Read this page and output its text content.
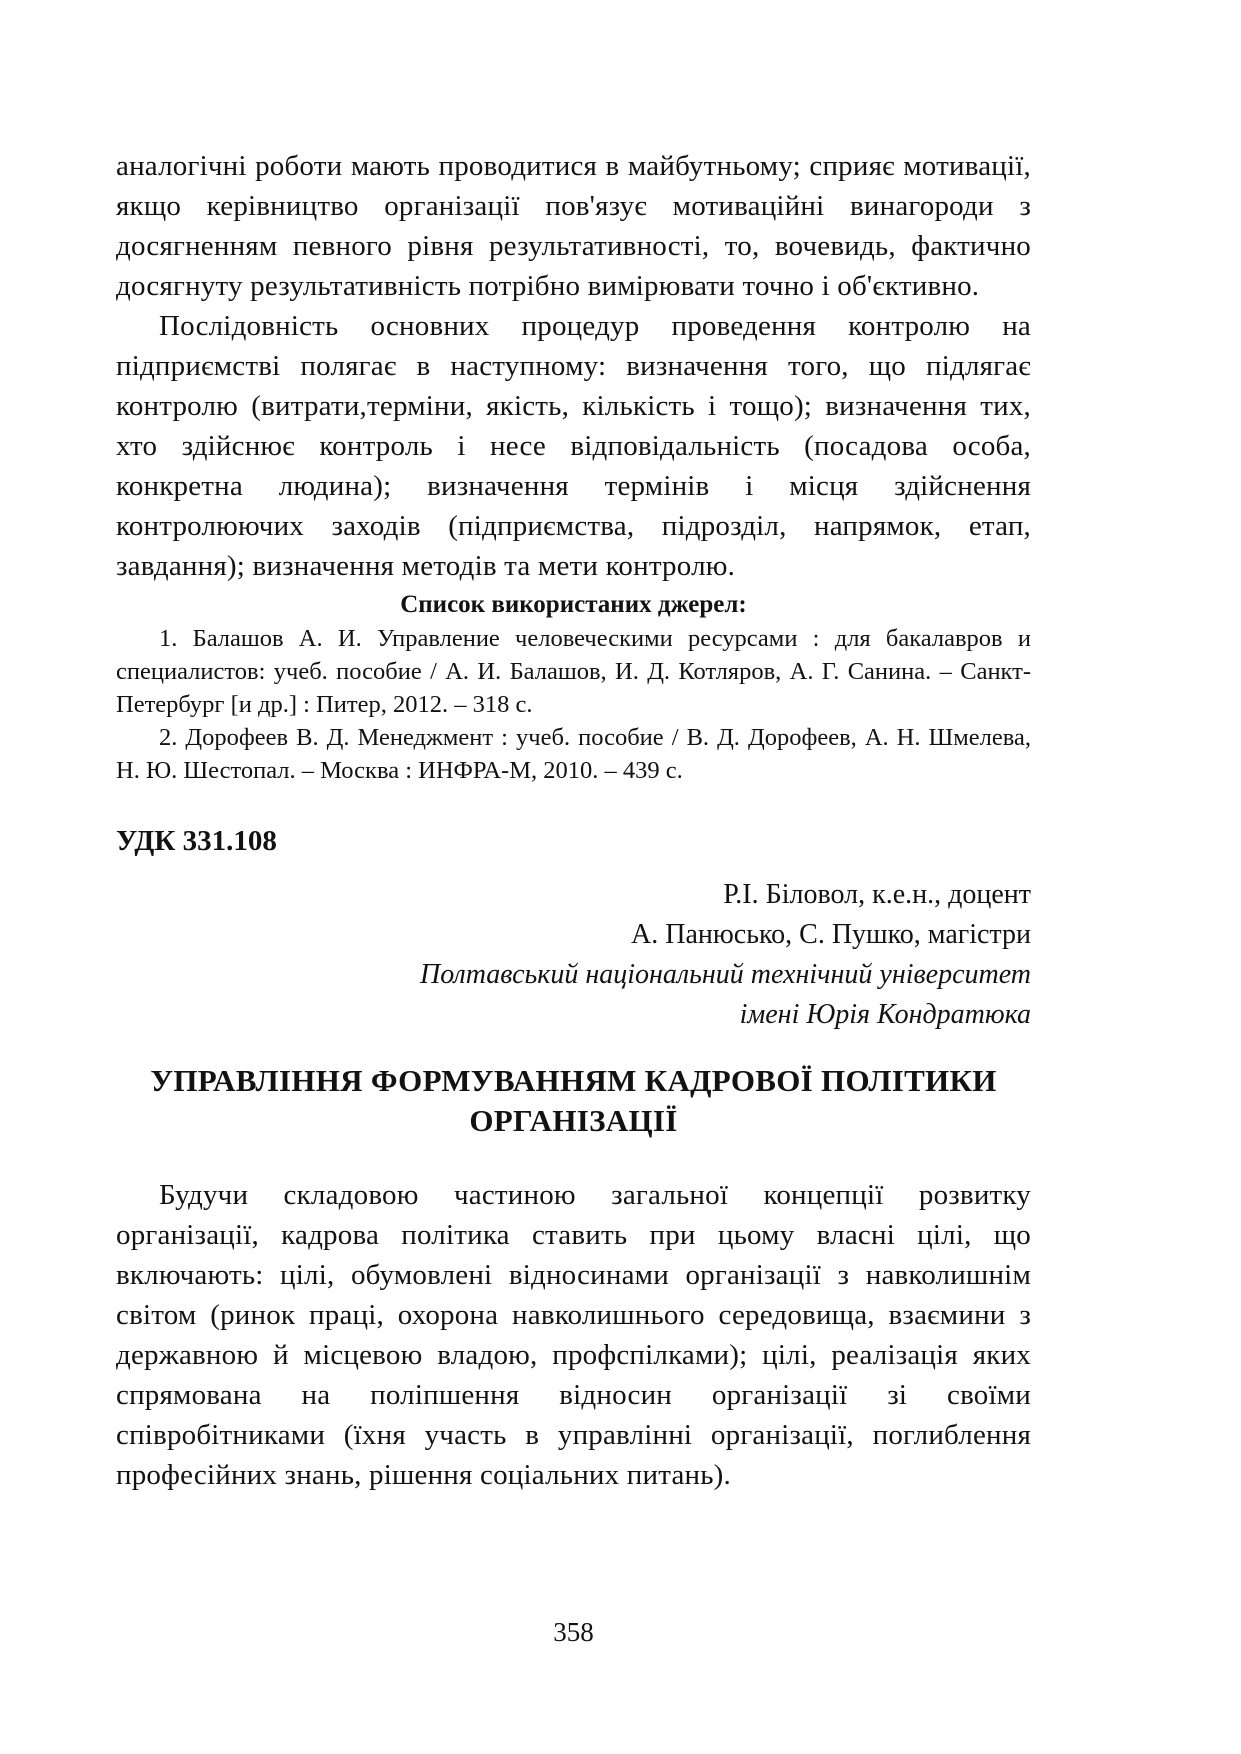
аналогічні роботи мають проводитися в майбутньому; сприяє мотивації, якщо керівництво організації пов'язує мотиваційні винагороди з досягненням певного рівня результативності, то, вочевидь, фактично досягнуту результативність потрібно вимірювати точно і об'єктивно.

Послідовність основних процедур проведення контролю на підприємстві полягає в наступному: визначення того, що підлягає контролю (витрати,терміни, якість, кількість і тощо); визначення тих, хто здійснює контроль і несе відповідальність (посадова особа, конкретна людина); визначення термінів і місця здійснення контролюючих заходів (підприємства, підрозділ, напрямок, етап, завдання); визначення методів та мети контролю.

Список використаних джерел:

1. Балашов А. И. Управление человеческими ресурсами : для бакалавров и специалистов: учеб. пособие / А. И. Балашов, И. Д. Котляров, А. Г. Санина. – Санкт-Петербург [и др.] : Питер, 2012. – 318 с.

2. Дорофеев В. Д. Менеджмент : учеб. пособие / В. Д. Дорофеев, А. Н. Шмелева, Н. Ю. Шестопал. – Москва : ИНФРА-М, 2010. – 439 с.

УДК 331.108

Р.І. Біловол, к.е.н., доцент
А. Панюсько, С. Пушко, магістри
Полтавський національний технічний університет
імені Юрія Кондратюка
УПРАВЛІННЯ ФОРМУВАННЯМ КАДРОВОЇ ПОЛІТИКИ
ОРГАНІЗАЦІЇ

Будучи складовою частиною загальної концепції розвитку організації, кадрова політика ставить при цьому власні цілі, що включають: цілі, обумовлені відносинами організації з навколишнім світом (ринок праці, охорона навколишнього середовища, взаємини з державною й місцевою владою, профспілками); цілі, реалізація яких спрямована на поліпшення відносин організації зі своїми співробітниками (їхня участь в управлінні організації, поглиблення професійних знань, рішення соціальних питань).

358
